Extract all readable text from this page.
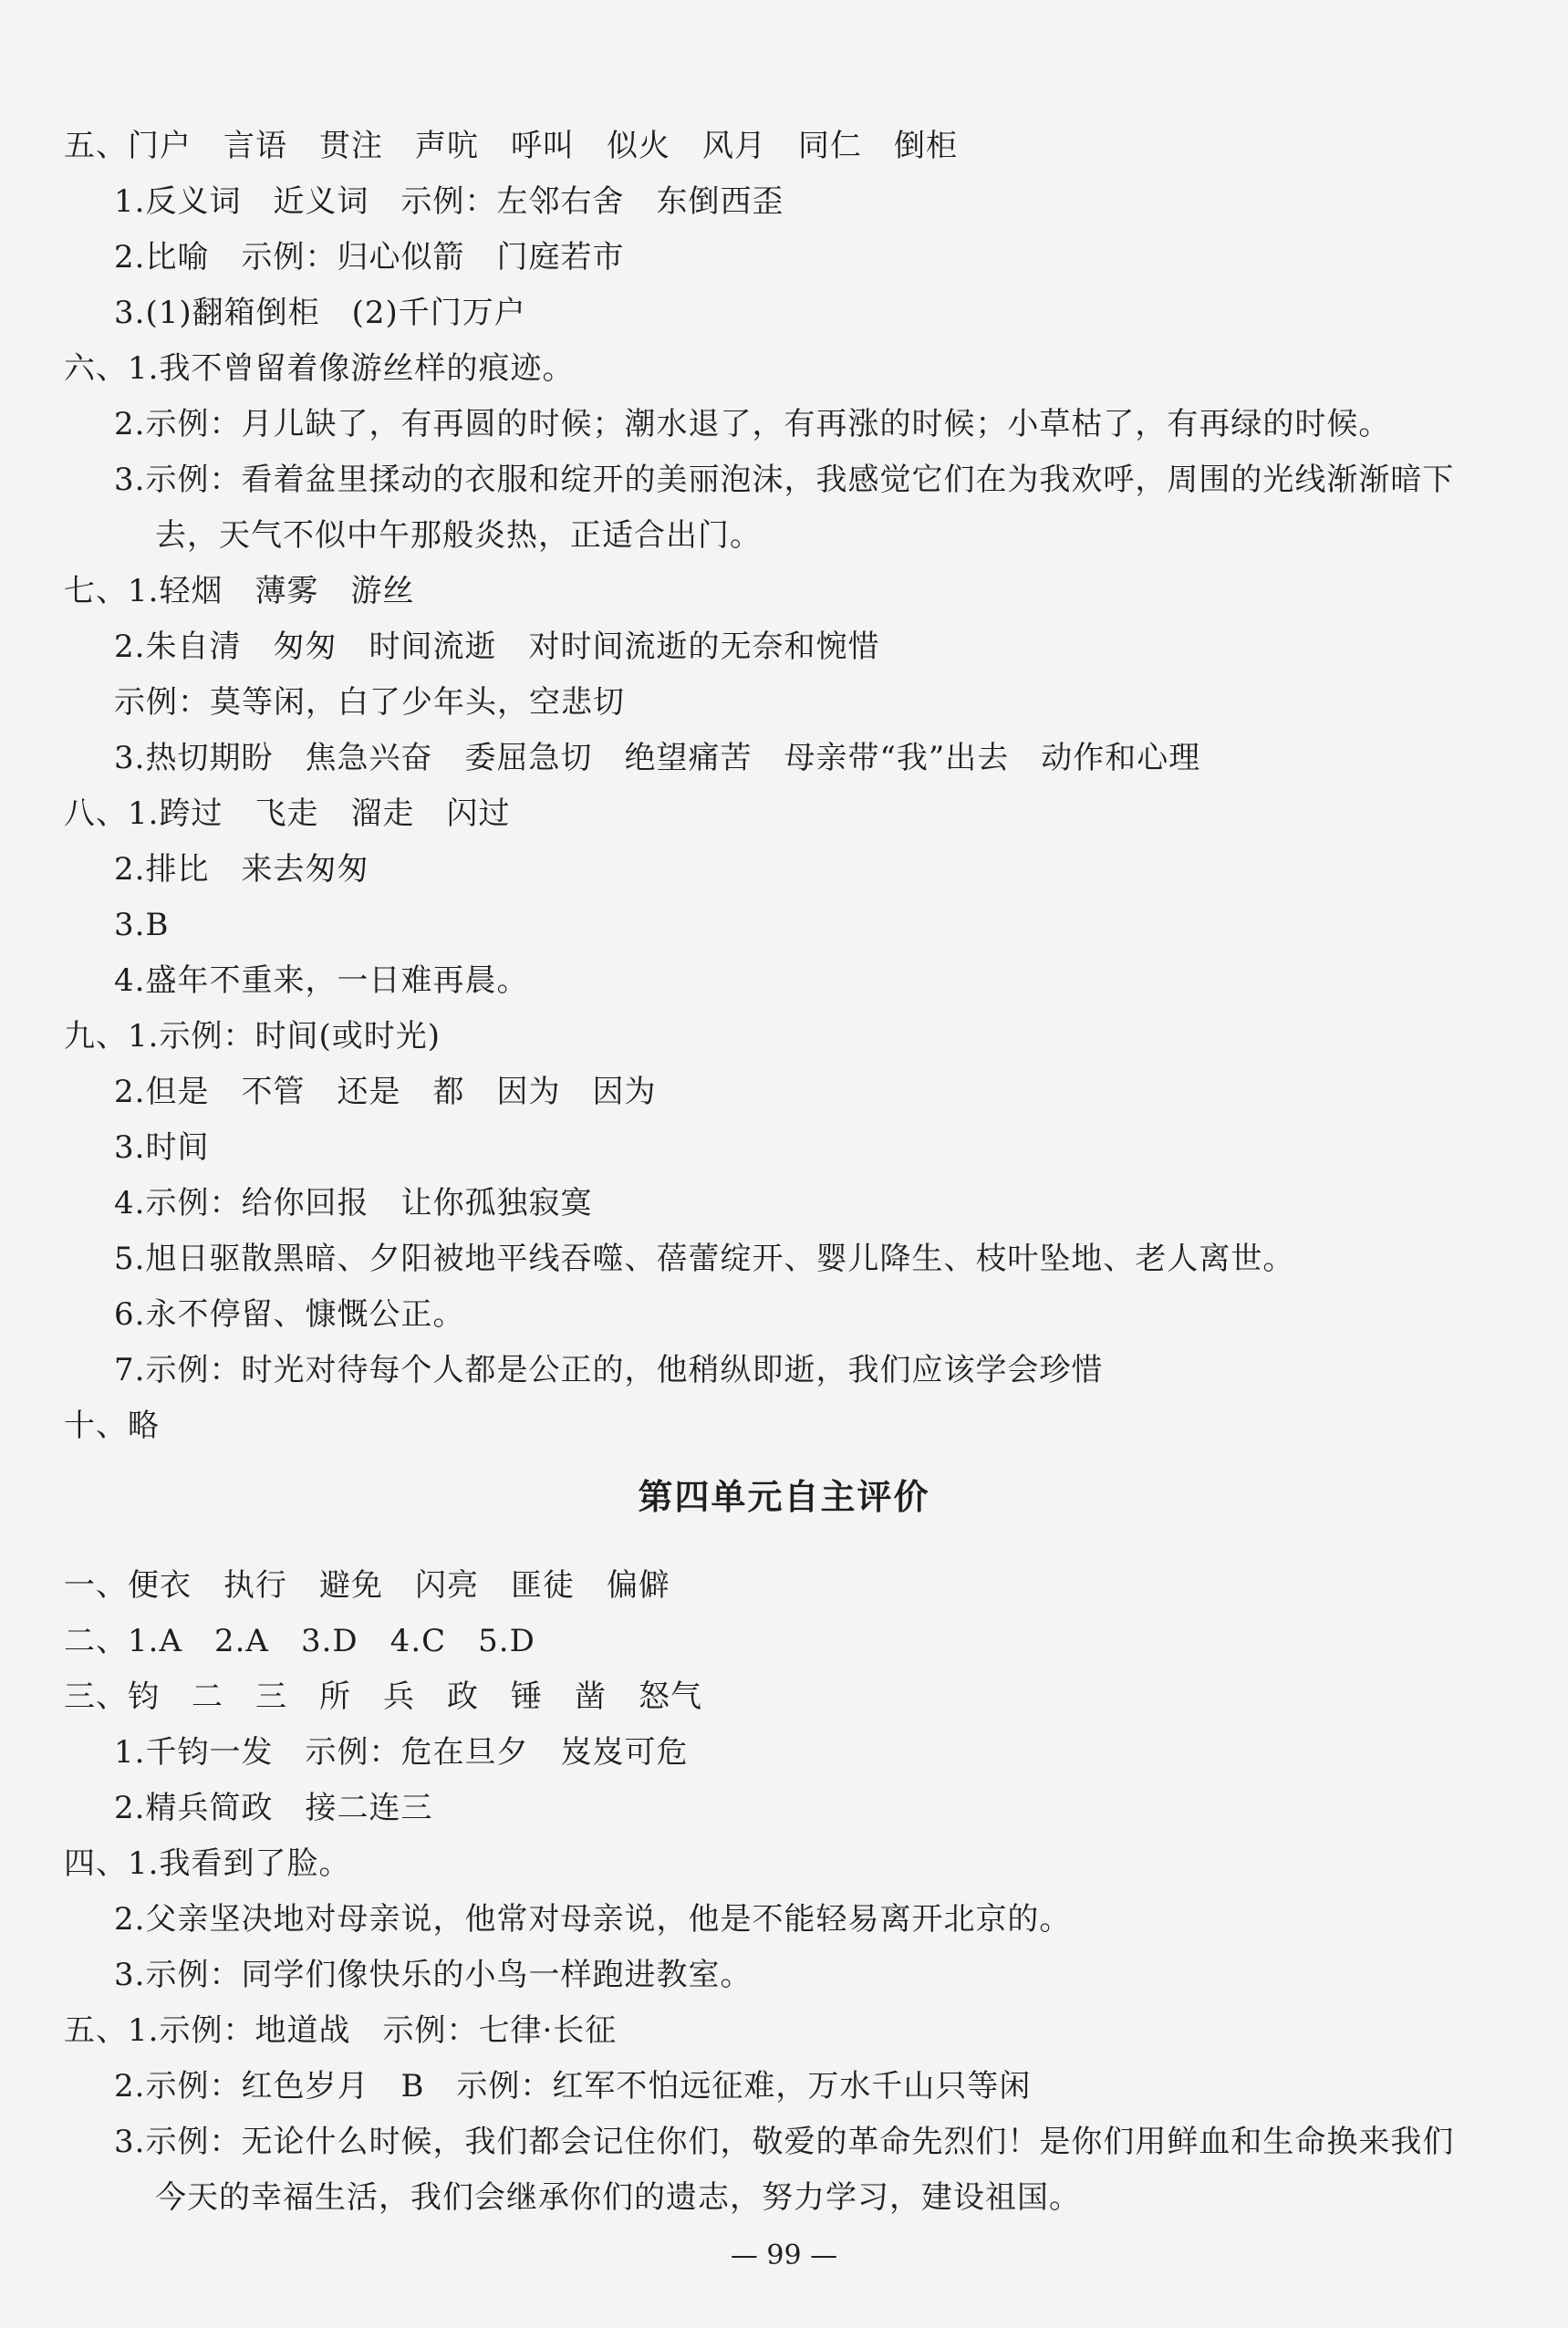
五、门户　言语　贯注　声吭　呼叫　似火　风月　同仁　倒柜
1.反义词　近义词　示例：左邻右舍　东倒西歪
2.比喻　示例：归心似箭　门庭若市
3.(1)翻箱倒柜　(2)千门万户
六、1.我不曾留着像游丝样的痕迹。
2.示例：月儿缺了，有再圆的时候；潮水退了，有再涨的时候；小草枯了，有再绿的时候。
3.示例：看着盆里揉动的衣服和绽开的美丽泡沫，我感觉它们在为我欢呼，周围的光线渐渐暗下
去，天气不似中午那般炎热，正适合出门。
七、1.轻烟　薄雾　游丝
2.朱自清　匆匆　时间流逝　对时间流逝的无奈和惋惜
示例：莫等闲，白了少年头，空悲切
3.热切期盼　焦急兴奋　委屈急切　绝望痛苦　母亲带“我”出去　动作和心理
八、1.跨过　飞走　溜走　闪过
2.排比　来去匆匆
3.B
4.盛年不重来，一日难再晨。
九、1.示例：时间(或时光)
2.但是　不管　还是　都　因为　因为
3.时间
4.示例：给你回报　让你孤独寂寞
5.旭日驱散黑暗、夕阳被地平线吞噬、蓓蕾绽开、婴儿降生、枝叶坠地、老人离世。
6.永不停留、慷慨公正。
7.示例：时光对待每个人都是公正的，他稍纵即逝，我们应该学会珍惜
十、略
第四单元自主评价
一、便衣　执行　避免　闪亮　匪徒　偏僻
二、1.A　2.A　3.D　4.C　5.D
三、钧　二　三　所　兵　政　锤　凿　怒气
1.千钧一发　示例：危在旦夕　岌岌可危
2.精兵简政　接二连三
四、1.我看到了脸。
2.父亲坚决地对母亲说，他常对母亲说，他是不能轻易离开北京的。
3.示例：同学们像快乐的小鸟一样跑进教室。
五、1.示例：地道战　示例：七律·长征
2.示例：红色岁月　B　示例：红军不怕远征难，万水千山只等闲
3.示例：无论什么时候，我们都会记住你们，敬爱的革命先烈们！是你们用鲜血和生命换来我们
今天的幸福生活，我们会继承你们的遗志，努力学习，建设祖国。
— 99 —
